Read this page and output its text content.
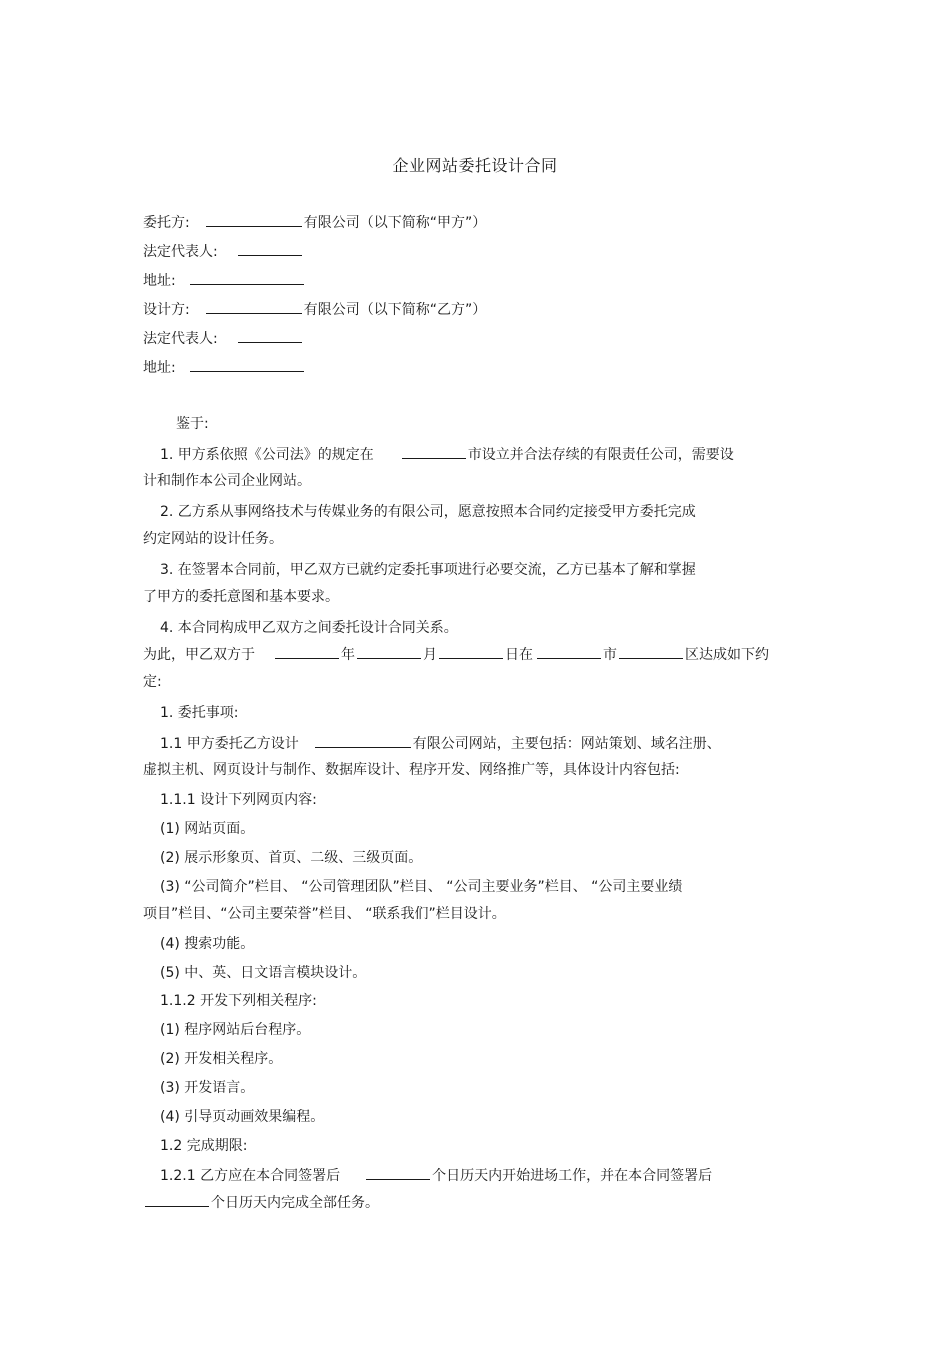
企业网站委托设计合同
委托方:	有限公司（以下简称“甲方”）
法定代表人:
地址:
设计方:	有限公司（以下简称“乙方”）
法定代表人:
地址:
鉴于:
1. 甲方系依照《公司法》的规定在	市设立并合法存续的有限责任公司，需要设
计和制作本公司企业网站。
2. 乙方系从事网络技术与传媒业务的有限公司，愿意按照本合同约定接受甲方委托完成
约定网站的设计任务。
3. 在签署本合同前，甲乙双方已就约定委托事项进行必要交流，乙方已基本了解和掌握
了甲方的委托意图和基本要求。
4. 本合同构成甲乙双方之间委托设计合同关系。
为此，甲乙双方于	年	月	日在	市	区达成如下约
定:
1. 委托事项:
1.1 甲方委托乙方设计	有限公司网站，主要包括：网站策划、域名注册、
虚拟主机、网页设计与制作、数据库设计、程序开发、网络推广等，具体设计内容包括:
1.1.1 设计下列网页内容:
(1) 网站页面。
(2) 展示形象页、首页、二级、三级页面。
(3) “公司简介”栏目、 “公司管理团队”栏目、 “公司主要业务”栏目、 “公司主要业绩
项目”栏目、“公司主要荣誉”栏目、 “联系我们”栏目设计。
(4) 搜索功能。
(5) 中、英、日文语言模块设计。
1.1.2 开发下列相关程序:
(1) 程序网站后台程序。
(2) 开发相关程序。
(3) 开发语言。
(4) 引导页动画效果编程。
1.2 完成期限:
1.2.1 乙方应在本合同签署后	个日历天内开始进场工作，并在本合同签署后
个日历天内完成全部任务。
